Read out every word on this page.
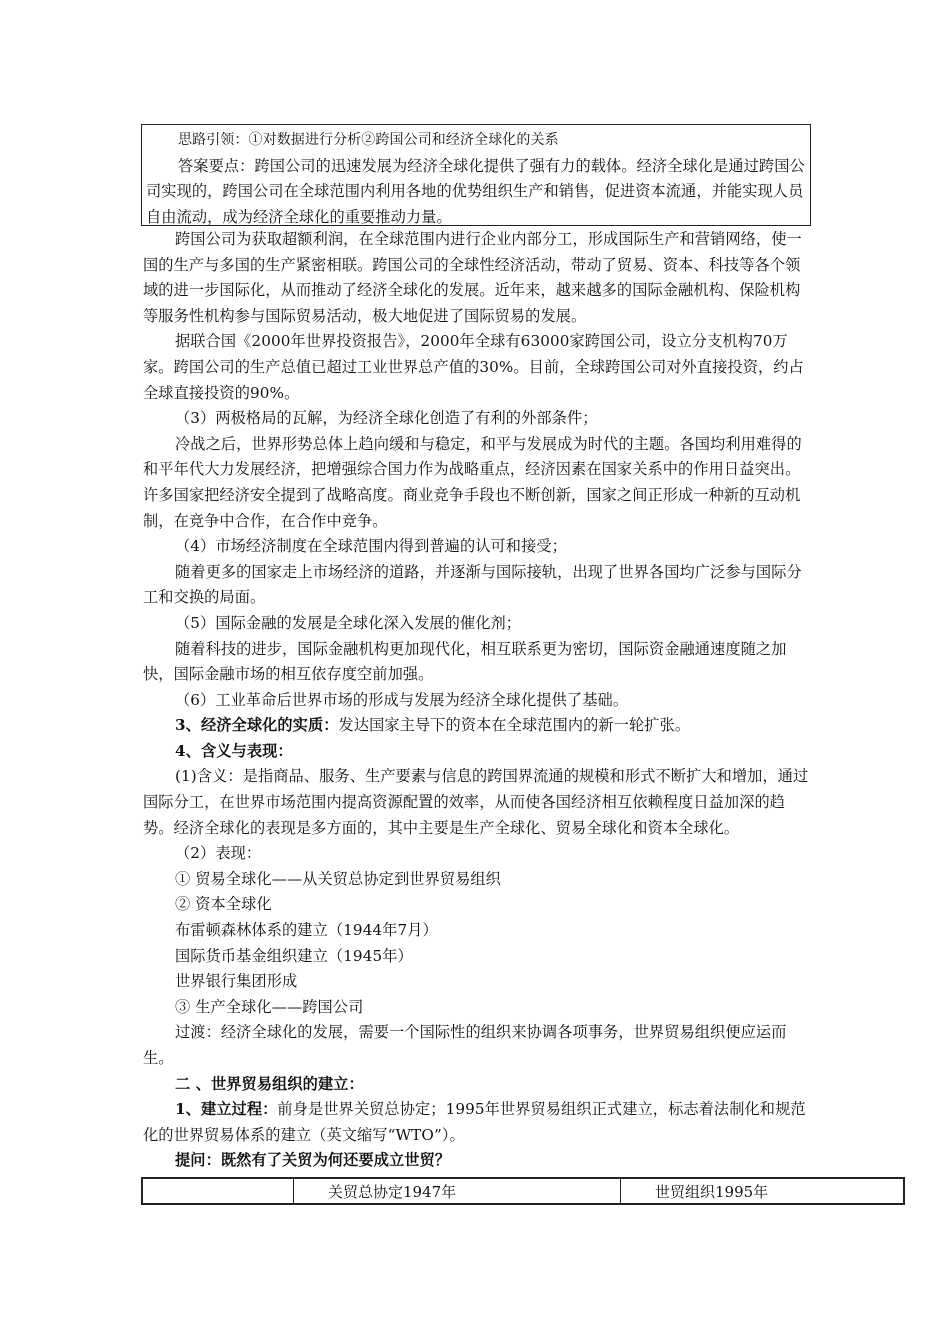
思路引领：①对数据进行分析②跨国公司和经济全球化的关系

答案要点：跨国公司的迅速发展为经济全球化提供了强有力的载体。经济全球化是通过跨国公司实现的，跨国公司在全球范围内利用各地的优势组织生产和销售，促进资本流通，并能实现人员自由流动，成为经济全球化的重要推动力量。

跨国公司为获取超额利润，在全球范围内进行企业内部分工，形成国际生产和营销网络，使一国的生产与多国的生产紧密相联。跨国公司的全球性经济活动，带动了贸易、资本、科技等各个领域的进一步国际化，从而推动了经济全球化的发展。近年来，越来越多的国际金融机构、保险机构等服务性机构参与国际贸易活动，极大地促进了国际贸易的发展。

据联合国《2000年世界投资报告》，2000年全球有63000家跨国公司，设立分支机构70万家。跨国公司的生产总值已超过工业世界总产值的30%。目前，全球跨国公司对外直接投资，约占全球直接投资的90%。

（3）两极格局的瓦解，为经济全球化创造了有利的外部条件；

冷战之后，世界形势总体上趋向缓和与稳定，和平与发展成为时代的主题。各国均利用难得的和平年代大力发展经济，把增强综合国力作为战略重点，经济因素在国家关系中的作用日益突出。许多国家把经济安全提到了战略高度。商业竞争手段也不断创新，国家之间正形成一种新的互动机制，在竞争中合作，在合作中竞争。

（4）市场经济制度在全球范围内得到普遍的认可和接受；

随着更多的国家走上市场经济的道路，并逐渐与国际接轨，出现了世界各国均广泛参与国际分工和交换的局面。

（5）国际金融的发展是全球化深入发展的催化剂；

随着科技的进步，国际金融机构更加现代化，相互联系更为密切，国际资金融通速度随之加快，国际金融市场的相互依存度空前加强。

（6）工业革命后世界市场的形成与发展为经济全球化提供了基础。

3、经济全球化的实质：发达国家主导下的资本在全球范围内的新一轮扩张。

4、含义与表现：

(1)含义：是指商品、服务、生产要素与信息的跨国界流通的规模和形式不断扩大和增加，通过国际分工，在世界市场范围内提高资源配置的效率，从而使各国经济相互依赖程度日益加深的趋势。经济全球化的表现是多方面的，其中主要是生产全球化、贸易全球化和资本全球化。

（2）表现：

① 贸易全球化——从关贸总协定到世界贸易组织

② 资本全球化

布雷顿森林体系的建立（1944年7月）

国际货币基金组织建立（1945年）

世界银行集团形成

③ 生产全球化——跨国公司

过渡：经济全球化的发展，需要一个国际性的组织来协调各项事务，世界贸易组织便应运而生。

二 、世界贸易组织的建立：

1、建立过程：前身是世界关贸总协定；1995年世界贸易组织正式建立，标志着法制化和规范化的世界贸易体系的建立（英文缩写“WTO”）。

提问：既然有了关贸为何还要成立世贸？

	关贸总协定1947年	世贸组织1995年
